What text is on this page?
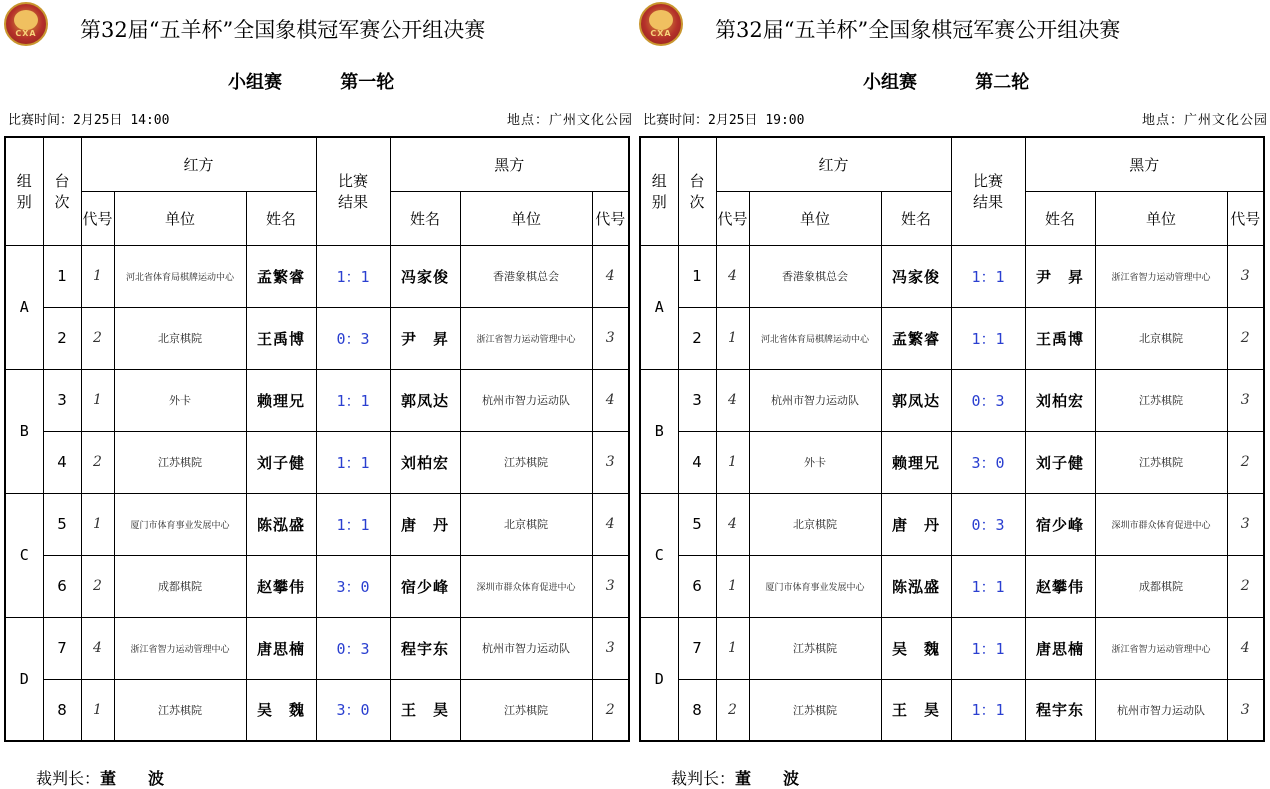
CXA	第32届“五羊杯”全国象棋冠军赛公开组决赛
小组赛	第一轮
比赛时间：2月25日 14:00	地点：广州文化公园
组
别	台
次	红方			比赛
结果	黑方		
		代号	单位	姓名		姓名	单位	代号
A	1	1	河北省体育局棋牌运动中心	孟繁睿	1：1	冯家俊	香港象棋总会	4
	2	2	北京棋院	王禹博	0：3	尹　昇	浙江省智力运动管理中心	3
B	3	1	外卡	赖理兄	1：1	郭凤达	杭州市智力运动队	4
	4	2	江苏棋院	刘子健	1：1	刘柏宏	江苏棋院	3
C	5	1	厦门市体育事业发展中心	陈泓盛	1：1	唐　丹	北京棋院	4
	6	2	成都棋院	赵攀伟	3：0	宿少峰	深圳市群众体育促进中心	3
D	7	4	浙江省智力运动管理中心	唐思楠	0：3	程宇东	杭州市智力运动队	3
	8	1	江苏棋院	吴　魏	3：0	王　昊	江苏棋院	2
裁判长：董　波
CXA	第32届“五羊杯”全国象棋冠军赛公开组决赛
小组赛	第二轮
比赛时间：2月25日 19:00	地点：广州文化公园
组
别	台
次	红方			比赛
结果	黑方		
		代号	单位	姓名		姓名	单位	代号
A	1	4	香港象棋总会	冯家俊	1：1	尹　昇	浙江省智力运动管理中心	3
	2	1	河北省体育局棋牌运动中心	孟繁睿	1：1	王禹博	北京棋院	2
B	3	4	杭州市智力运动队	郭凤达	0：3	刘柏宏	江苏棋院	3
	4	1	外卡	赖理兄	3：0	刘子健	江苏棋院	2
C	5	4	北京棋院	唐　丹	0：3	宿少峰	深圳市群众体育促进中心	3
	6	1	厦门市体育事业发展中心	陈泓盛	1：1	赵攀伟	成都棋院	2
D	7	1	江苏棋院	吴　魏	1：1	唐思楠	浙江省智力运动管理中心	4
	8	2	江苏棋院	王　昊	1：1	程宇东	杭州市智力运动队	3
裁判长：董　波
